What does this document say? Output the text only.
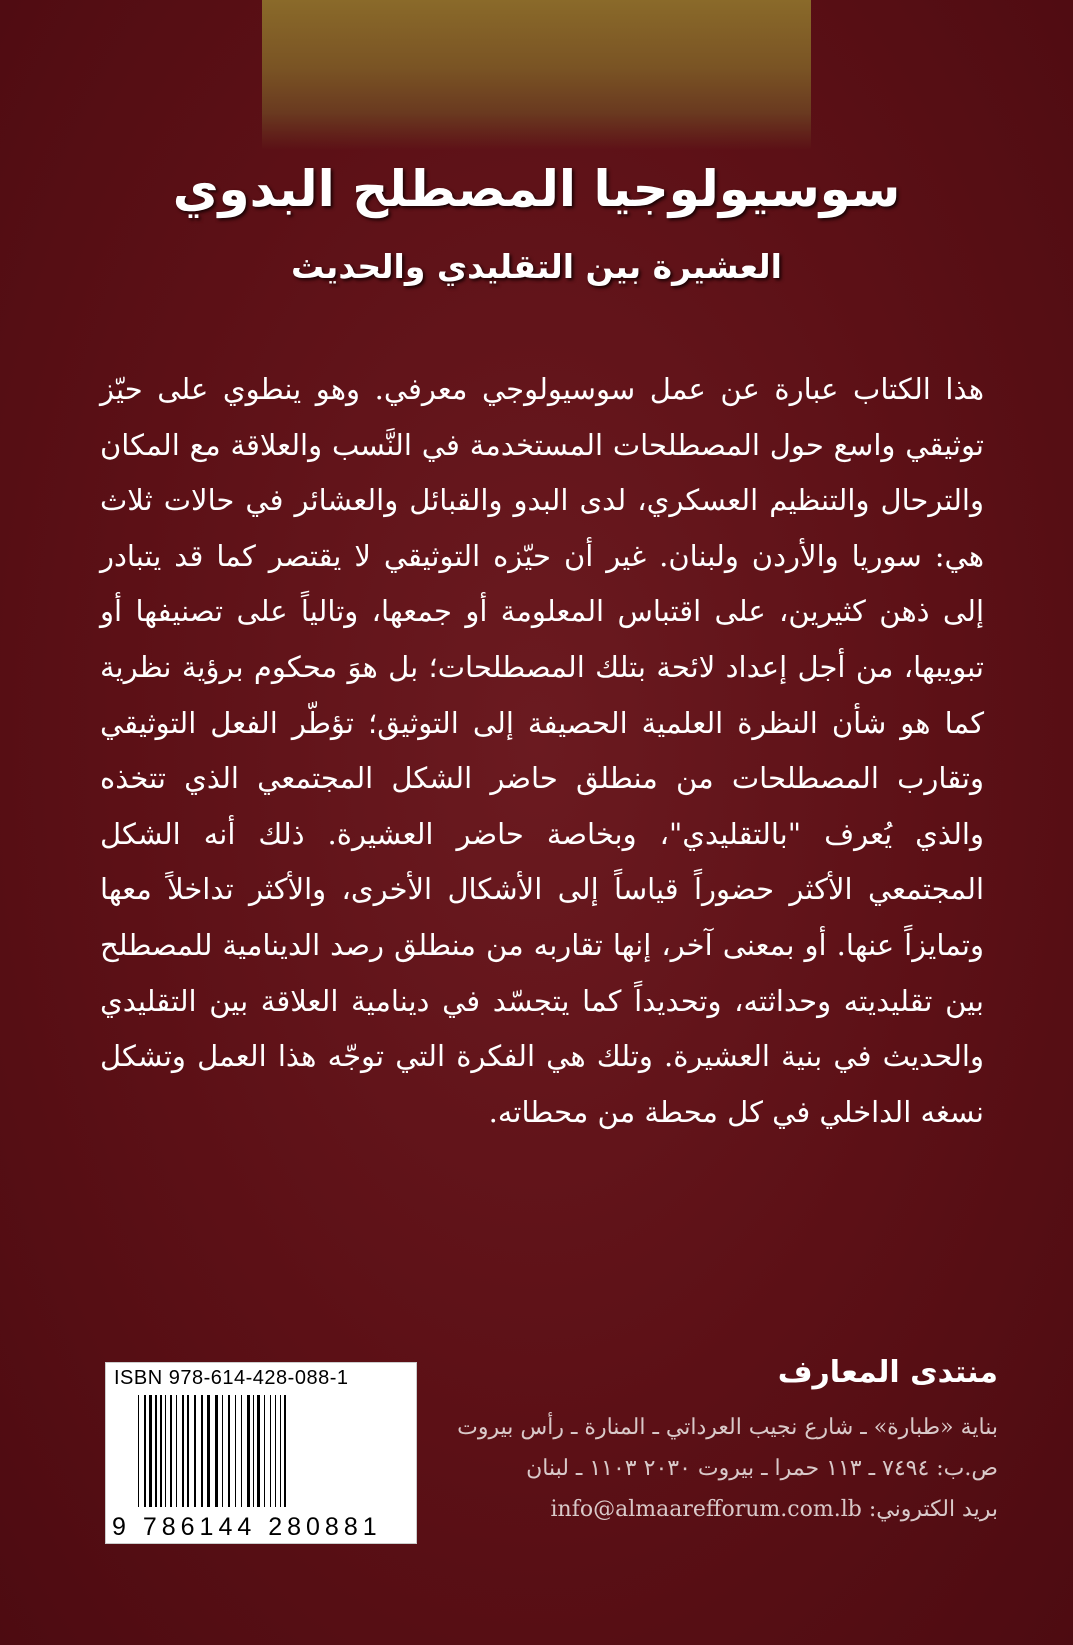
سوسيولوجيا المصطلح البدوي
العشيرة بين التقليدي والحديث
هذا الكتاب عبارة عن عمل سوسيولوجي معرفي. وهو ينطوي على حيّز توثيقي واسع حول المصطلحات المستخدمة في النَّسب والعلاقة مع المكان والترحال والتنظيم العسكري، لدى البدو والقبائل والعشائر في حالات ثلاث هي: سوريا والأردن ولبنان. غير أن حيّزه التوثيقي لا يقتصر كما قد يتبادر إلى ذهن كثيرين، على اقتباس المعلومة أو جمعها، وتالياً على تصنيفها أو تبويبها، من أجل إعداد لائحة بتلك المصطلحات؛ بل هوَ محكوم برؤية نظرية كما هو شأن النظرة العلمية الحصيفة إلى التوثيق؛ تؤطّر الفعل التوثيقي وتقارب المصطلحات من منطلق حاضر الشكل المجتمعي الذي تتخذه والذي يُعرف "بالتقليدي"، وبخاصة حاضر العشيرة. ذلك أنه الشكل المجتمعي الأكثر حضوراً قياساً إلى الأشكال الأخرى، والأكثر تداخلاً معها وتمايزاً عنها. أو بمعنى آخر، إنها تقاربه من منطلق رصد الدينامية للمصطلح بين تقليديته وحداثته، وتحديداً كما يتجسّد في دينامية العلاقة بين التقليدي والحديث في بنية العشيرة. وتلك هي الفكرة التي توجّه هذا العمل وتشكل نسغه الداخلي في كل محطة من محطاته.
منتدى المعارف
بناية «طبارة» ـ شارع نجيب العرداتي ـ المنارة ـ رأس بيروت
ص.ب: ٧٤٩٤ ـ ١١٣ حمرا ـ بيروت ٢٠٣٠ ١١٠٣ ـ لبنان
بريد الكتروني: info@almaarefforum.com.lb
ISBN 978-614-428-088-1
9 786144 280881
